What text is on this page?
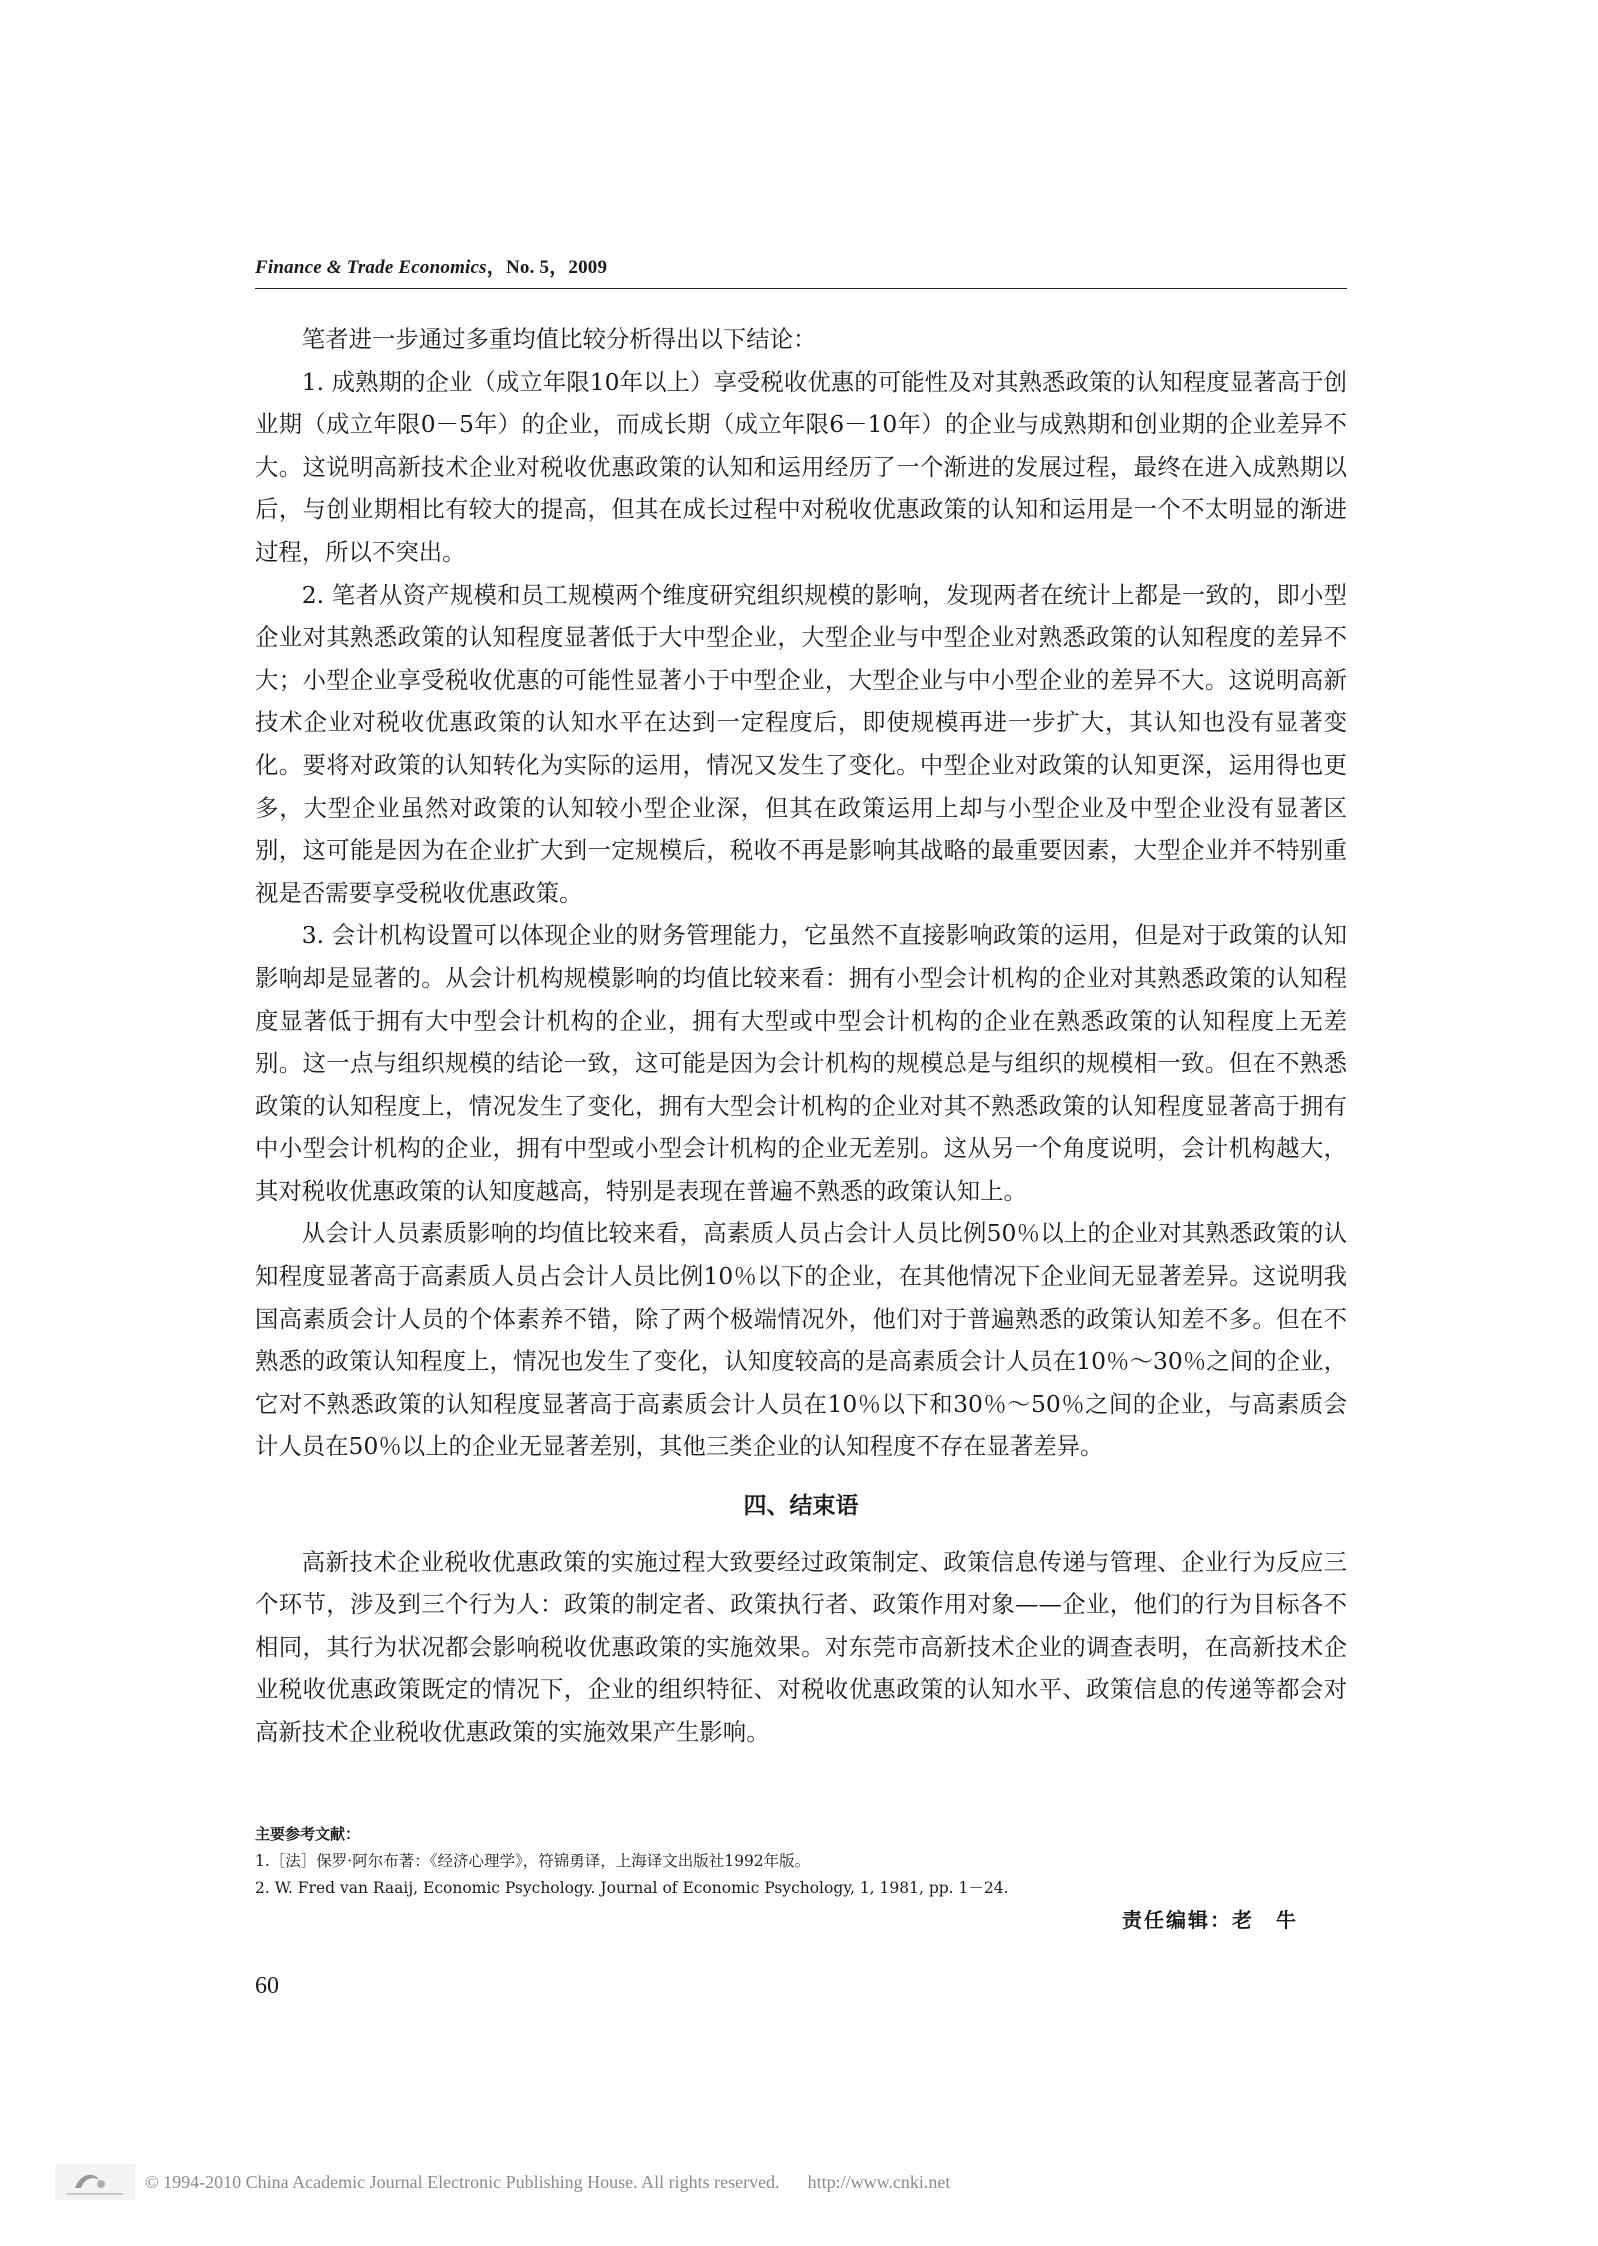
Finance & Trade Economics，No. 5，2009

笔者进一步通过多重均值比较分析得出以下结论：

1. 成熟期的企业（成立年限10年以上）享受税收优惠的可能性及对其熟悉政策的认知程度显著高于创业期（成立年限0－5年）的企业，而成长期（成立年限6－10年）的企业与成熟期和创业期的企业差异不大。这说明高新技术企业对税收优惠政策的认知和运用经历了一个渐进的发展过程，最终在进入成熟期以后，与创业期相比有较大的提高，但其在成长过程中对税收优惠政策的认知和运用是一个不太明显的渐进过程，所以不突出。

2. 笔者从资产规模和员工规模两个维度研究组织规模的影响，发现两者在统计上都是一致的，即小型企业对其熟悉政策的认知程度显著低于大中型企业，大型企业与中型企业对熟悉政策的认知程度的差异不大；小型企业享受税收优惠的可能性显著小于中型企业，大型企业与中小型企业的差异不大。这说明高新技术企业对税收优惠政策的认知水平在达到一定程度后，即使规模再进一步扩大，其认知也没有显著变化。要将对政策的认知转化为实际的运用，情况又发生了变化。中型企业对政策的认知更深，运用得也更多，大型企业虽然对政策的认知较小型企业深，但其在政策运用上却与小型企业及中型企业没有显著区别，这可能是因为在企业扩大到一定规模后，税收不再是影响其战略的最重要因素，大型企业并不特别重视是否需要享受税收优惠政策。

3. 会计机构设置可以体现企业的财务管理能力，它虽然不直接影响政策的运用，但是对于政策的认知影响却是显著的。从会计机构规模影响的均值比较来看：拥有小型会计机构的企业对其熟悉政策的认知程度显著低于拥有大中型会计机构的企业，拥有大型或中型会计机构的企业在熟悉政策的认知程度上无差别。这一点与组织规模的结论一致，这可能是因为会计机构的规模总是与组织的规模相一致。但在不熟悉政策的认知程度上，情况发生了变化，拥有大型会计机构的企业对其不熟悉政策的认知程度显著高于拥有中小型会计机构的企业，拥有中型或小型会计机构的企业无差别。这从另一个角度说明，会计机构越大，其对税收优惠政策的认知度越高，特别是表现在普遍不熟悉的政策认知上。

从会计人员素质影响的均值比较来看，高素质人员占会计人员比例50％以上的企业对其熟悉政策的认知程度显著高于高素质人员占会计人员比例10％以下的企业，在其他情况下企业间无显著差异。这说明我国高素质会计人员的个体素养不错，除了两个极端情况外，他们对于普遍熟悉的政策认知差不多。但在不熟悉的政策认知程度上，情况也发生了变化，认知度较高的是高素质会计人员在10％～30％之间的企业，它对不熟悉政策的认知程度显著高于高素质会计人员在10％以下和30％～50％之间的企业，与高素质会计人员在50％以上的企业无显著差别，其他三类企业的认知程度不存在显著差异。

四、结束语

高新技术企业税收优惠政策的实施过程大致要经过政策制定、政策信息传递与管理、企业行为反应三个环节，涉及到三个行为人：政策的制定者、政策执行者、政策作用对象——企业，他们的行为目标各不相同，其行为状况都会影响税收优惠政策的实施效果。对东莞市高新技术企业的调查表明，在高新技术企业税收优惠政策既定的情况下，企业的组织特征、对税收优惠政策的认知水平、政策信息的传递等都会对高新技术企业税收优惠政策的实施效果产生影响。

主要参考文献：

1.［法］保罗·阿尔布著：《经济心理学》，符锦勇译，上海译文出版社1992年版。

2. W. Fred van Raaij, Economic Psychology. Journal of Economic Psychology, 1, 1981, pp. 1－24.

责任编辑：老　牛
60
© 1994-2010 China Academic Journal Electronic Publishing House. All rights reserved. http://www.cnki.net
